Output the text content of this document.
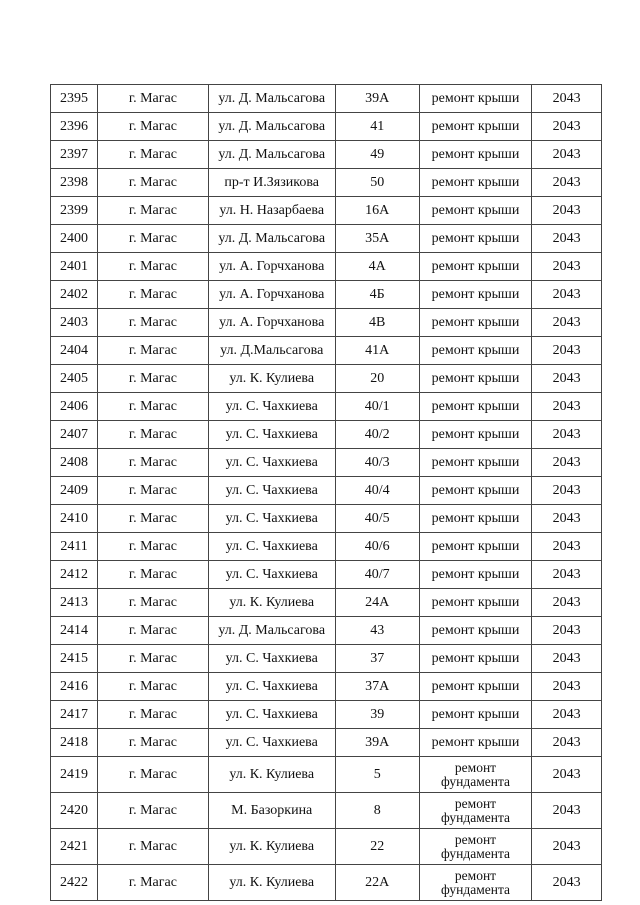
2395	г. Магас	ул. Д. Мальсагова	39А	ремонт крыши	2043
2396	г. Магас	ул. Д. Мальсагова	41	ремонт крыши	2043
2397	г. Магас	ул. Д. Мальсагова	49	ремонт крыши	2043
2398	г. Магас	пр-т И.Зязикова	50	ремонт крыши	2043
2399	г. Магас	ул. Н. Назарбаева	16А	ремонт крыши	2043
2400	г. Магас	ул. Д. Мальсагова	35А	ремонт крыши	2043
2401	г. Магас	ул. А. Горчханова	4А	ремонт крыши	2043
2402	г. Магас	ул. А. Горчханова	4Б	ремонт крыши	2043
2403	г. Магас	ул. А. Горчханова	4В	ремонт крыши	2043
2404	г. Магас	ул. Д.Мальсагова	41А	ремонт крыши	2043
2405	г. Магас	ул. К. Кулиева	20	ремонт крыши	2043
2406	г. Магас	ул. С. Чахкиева	40/1	ремонт крыши	2043
2407	г. Магас	ул. С. Чахкиева	40/2	ремонт крыши	2043
2408	г. Магас	ул. С. Чахкиева	40/3	ремонт крыши	2043
2409	г. Магас	ул. С. Чахкиева	40/4	ремонт крыши	2043
2410	г. Магас	ул. С. Чахкиева	40/5	ремонт крыши	2043
2411	г. Магас	ул. С. Чахкиева	40/6	ремонт крыши	2043
2412	г. Магас	ул. С. Чахкиева	40/7	ремонт крыши	2043
2413	г. Магас	ул. К. Кулиева	24А	ремонт крыши	2043
2414	г. Магас	ул. Д. Мальсагова	43	ремонт крыши	2043
2415	г. Магас	ул. С. Чахкиева	37	ремонт крыши	2043
2416	г. Магас	ул. С. Чахкиева	37А	ремонт крыши	2043
2417	г. Магас	ул. С. Чахкиева	39	ремонт крыши	2043
2418	г. Магас	ул. С. Чахкиева	39А	ремонт крыши	2043
2419	г. Магас	ул. К. Кулиева	5	ремонт фундамента	2043
2420	г. Магас	М. Базоркина	8	ремонт фундамента	2043
2421	г. Магас	ул. К. Кулиева	22	ремонт фундамента	2043
2422	г. Магас	ул. К. Кулиева	22А	ремонт фундамента	2043
